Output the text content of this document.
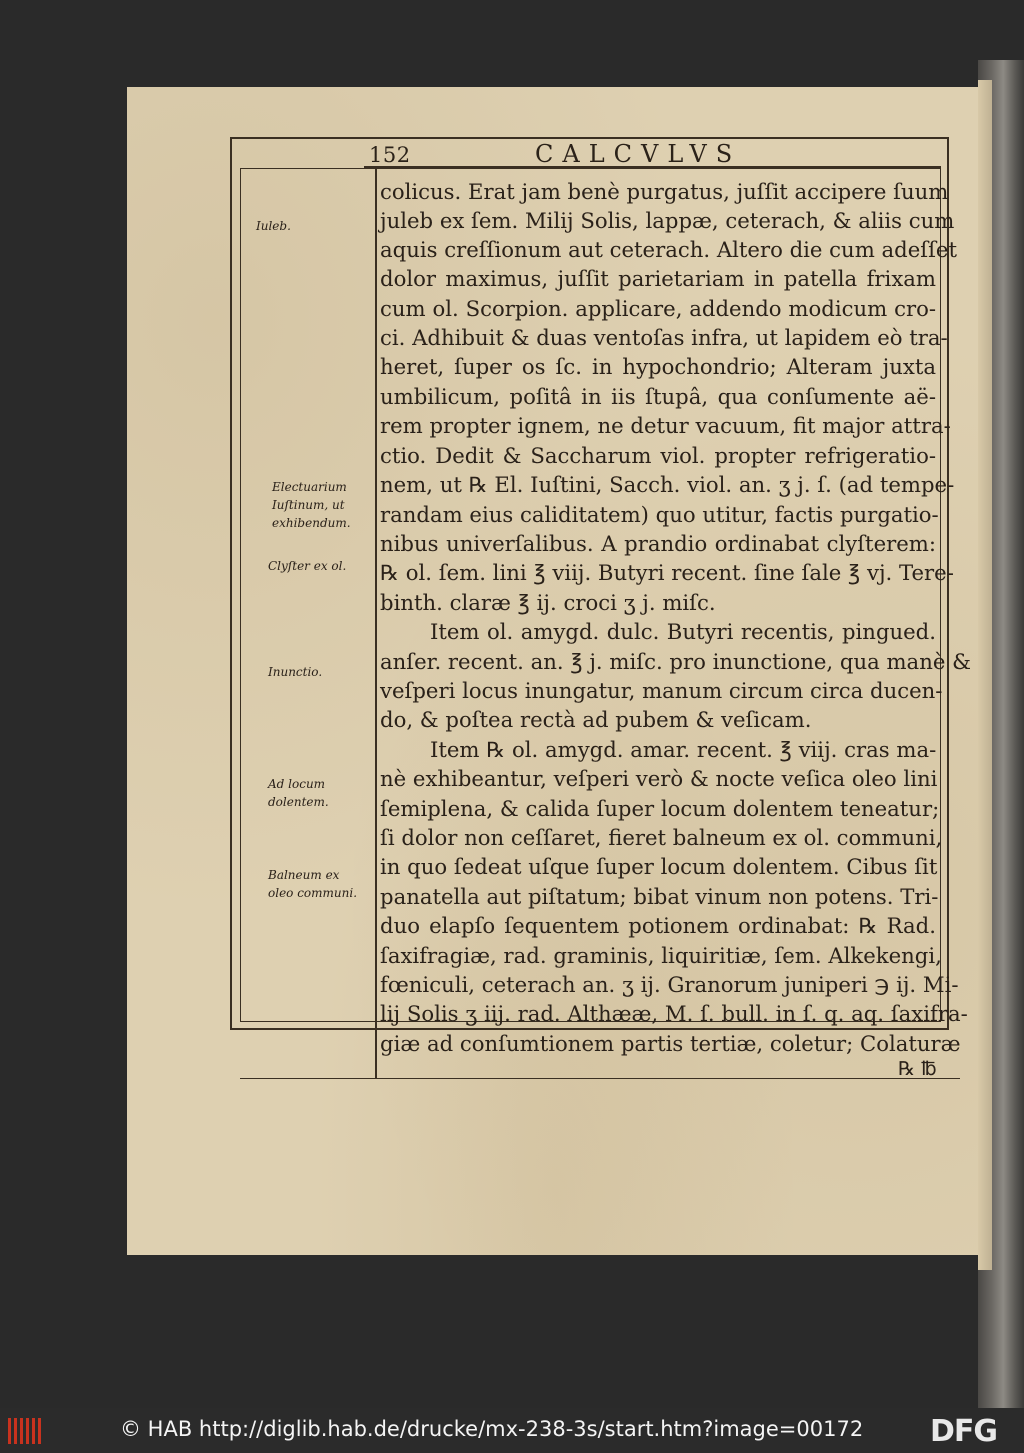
152	CALCVLVS
colicus. Erat jam benè purgatus, juſſit accipere ſuum
juleb ex ſem. Milij Solis, lappæ, ceterach, & aliis cum
aquis creſſionum aut ceterach. Altero die cum adeſſet
dolor maximus, juſſit parietariam in patella frixam
cum ol. Scorpion. applicare, addendo modicum cro-
ci. Adhibuit & duas ventoſas infra, ut lapidem eò tra-
heret, ſuper os ſc. in hypochondrio; Alteram juxta
umbilicum, poſitâ in iis ſtupâ, qua conſumente aë-
rem propter ignem, ne detur vacuum, fit major attra-
ctio. Dedit & Saccharum viol. propter refrigeratio-
nem, ut ℞ El. Iuſtini, Sacch. viol. an. ʒ j. ſ. (ad tempe-
randam eius caliditatem) quo utitur, factis purgatio-
nibus univerſalibus. A prandio ordinabat clyſterem:
℞ ol. ſem. lini ℥ viij. Butyri recent. ſine ſale ℥ vj. Tere-
binth. claræ ℥ ij. croci ʒ j. miſc.
Item ol. amygd. dulc. Butyri recentis, pingued.
anſer. recent. an. ℥ j. miſc. pro inunctione, qua manè &
veſperi locus inungatur, manum circum circa ducen-
do, & poſtea rectà ad pubem & veſicam.
Item ℞ ol. amygd. amar. recent. ℥ viij. cras ma-
nè exhibeantur, veſperi verò & nocte veſica oleo lini
ſemiplena, & calida ſuper locum dolentem teneatur;
ſi dolor non ceſſaret, fieret balneum ex ol. communi,
in quo ſedeat uſque ſuper locum dolentem. Cibus ſit
panatella aut piſtatum; bibat vinum non potens. Tri-
duo elapſo ſequentem potionem ordinabat: ℞ Rad.
ſaxifragiæ, rad. graminis, liquiritiæ, ſem. Alkekengi,
fœniculi, ceterach an. ʒ ij. Granorum juniperi ℈ ij. Mi-
lij Solis ʒ iij. rad. Althææ, M. ſ. bull. in ſ. q. aq. ſaxifra-
giæ ad conſumtionem partis tertiæ, coletur; Colaturæ
Iuleb.
Electuarium
Iuſtinum, ut
exhibendum.
Clyſter ex ol.
Inunctio.
Ad locum
dolentem.
Balneum ex
oleo communi.
℞ ℔
© HAB http://diglib.hab.de/drucke/mx-238-3s/start.htm?image=00172 DFG
